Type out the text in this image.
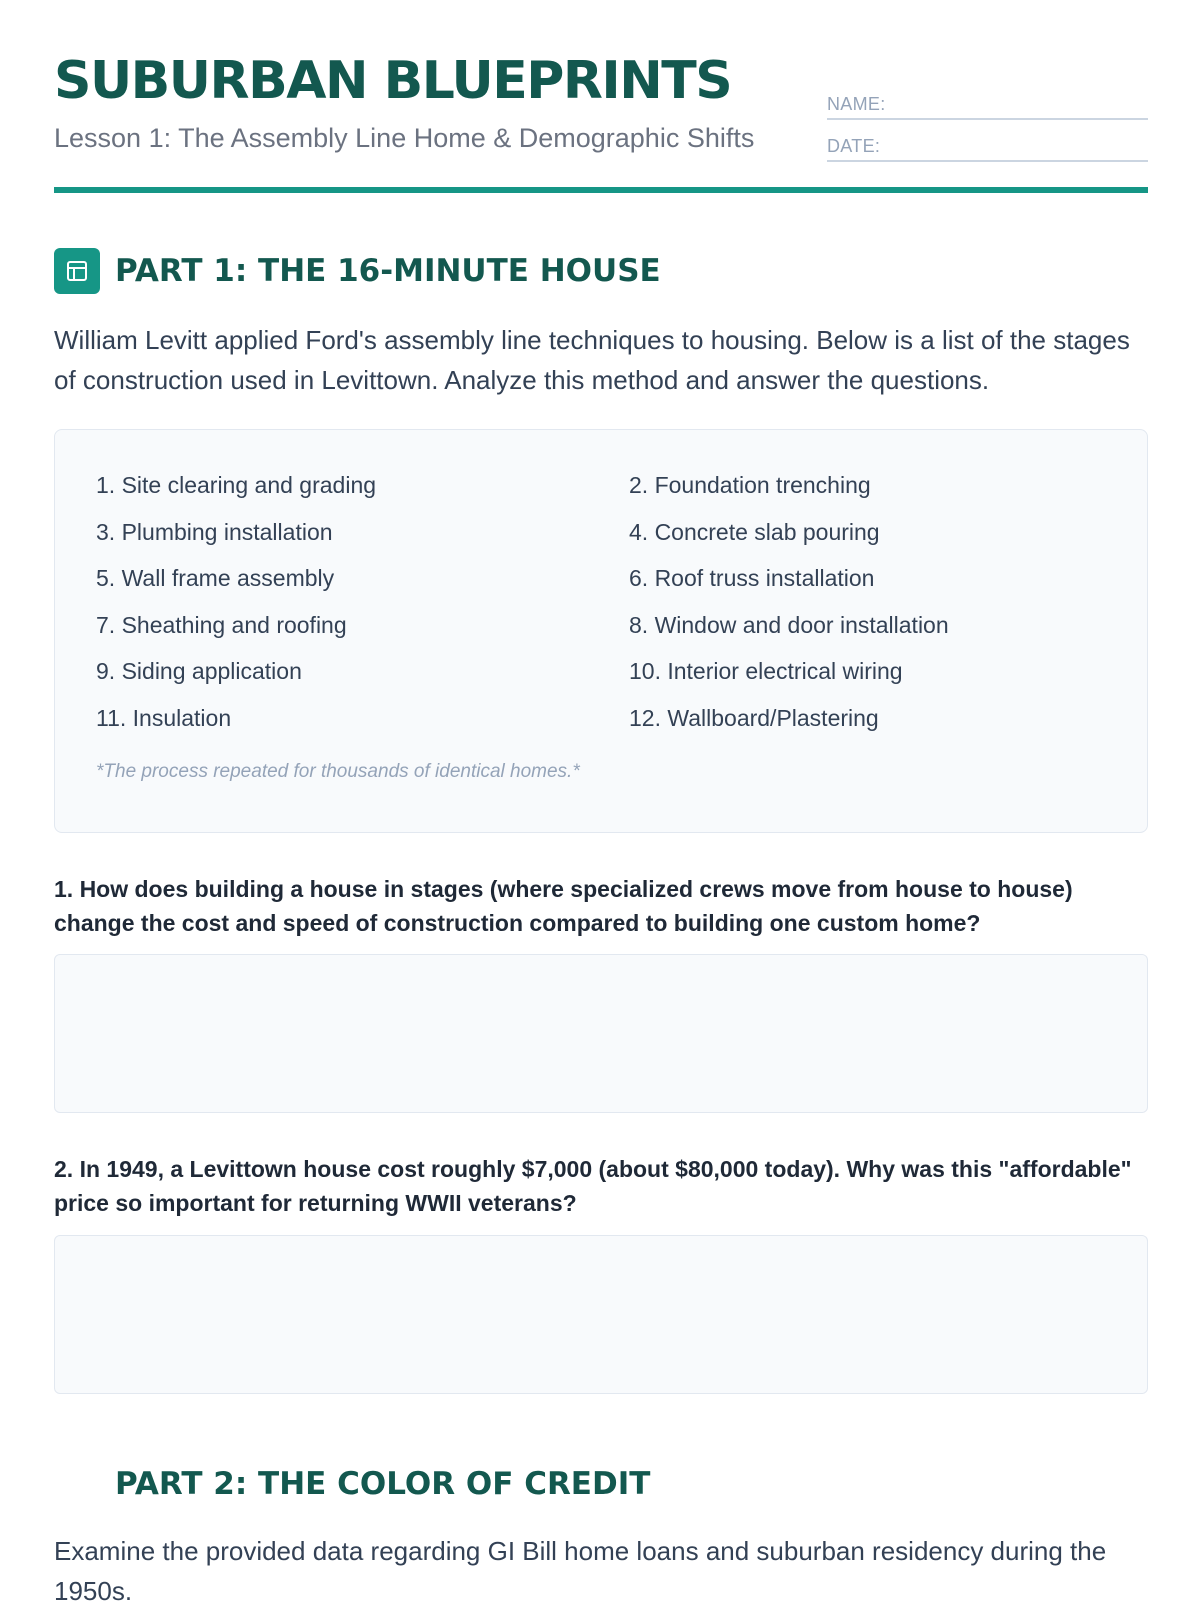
SUBURBAN BLUEPRINTS
Lesson 1: The Assembly Line Home & Demographic Shifts
NAME:
DATE:
PART 1: THE 16-MINUTE HOUSE
William Levitt applied Ford's assembly line techniques to housing. Below is a list of the stages of construction used in Levittown. Analyze this method and answer the questions.
1. Site clearing and grading	2. Foundation trenching
3. Plumbing installation	4. Concrete slab pouring
5. Wall frame assembly	6. Roof truss installation
7. Sheathing and roofing	8. Window and door installation
9. Siding application	10. Interior electrical wiring
11. Insulation	12. Wallboard/Plastering
*The process repeated for thousands of identical homes.*
1. How does building a house in stages (where specialized crews move from house to house) change the cost and speed of construction compared to building one custom home?
2. In 1949, a Levittown house cost roughly $7,000 (about $80,000 today). Why was this "affordable" price so important for returning WWII veterans?
PART 2: THE COLOR OF CREDIT
Examine the provided data regarding GI Bill home loans and suburban residency during the 1950s.
